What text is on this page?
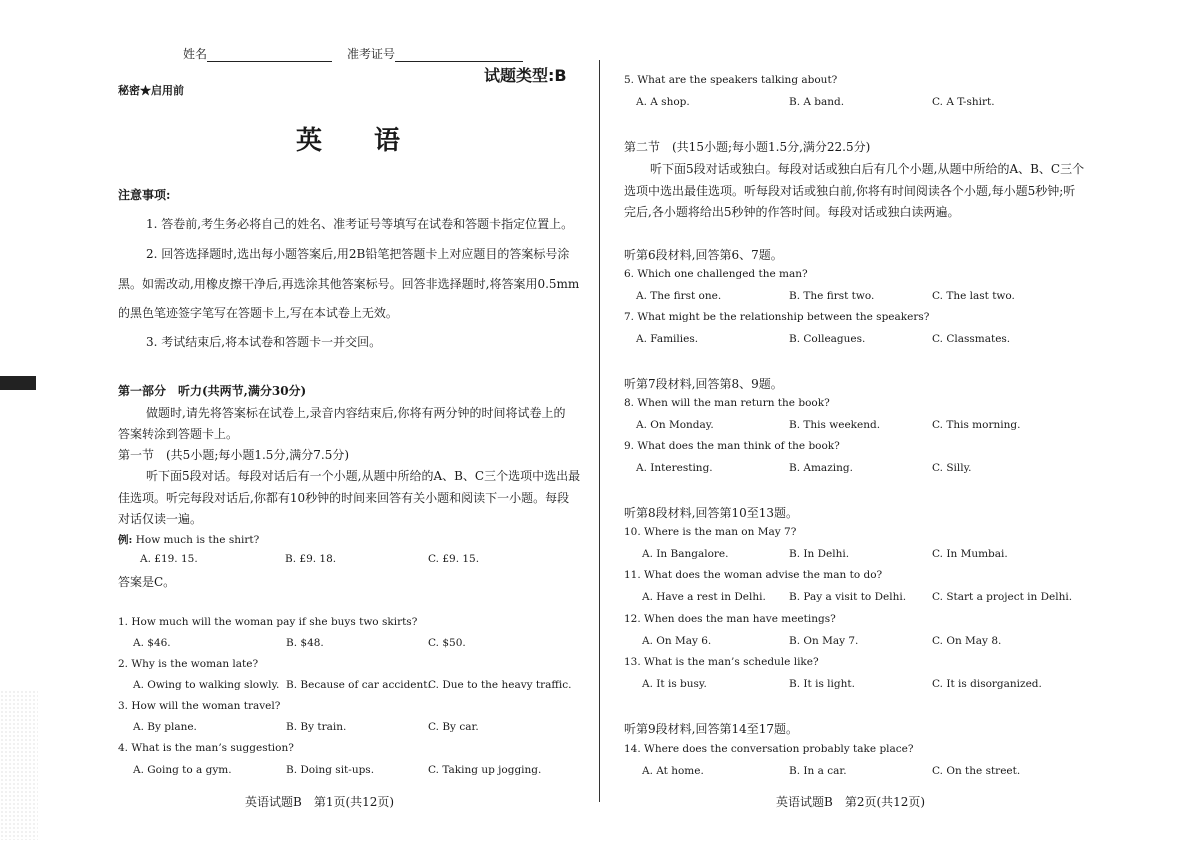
姓名	准考证号
试题类型:B
秘密★启用前
英　　语
注意事项:
1. 答卷前,考生务必将自己的姓名、准考证号等填写在试卷和答题卡指定位置上。
2. 回答选择题时,选出每小题答案后,用2B铅笔把答题卡上对应题目的答案标号涂
黑。如需改动,用橡皮擦干净后,再选涂其他答案标号。回答非选择题时,将答案用0.5mm
的黑色笔迹签字笔写在答题卡上,写在本试卷上无效。
3. 考试结束后,将本试卷和答题卡一并交回。
第一部分　听力(共两节,满分30分)
做题时,请先将答案标在试卷上,录音内容结束后,你将有两分钟的时间将试卷上的
答案转涂到答题卡上。
第一节　(共5小题;每小题1.5分,满分7.5分)
听下面5段对话。每段对话后有一个小题,从题中所给的A、B、C三个选项中选出最
佳选项。听完每段对话后,你都有10秒钟的时间来回答有关小题和阅读下一小题。每段
对话仅读一遍。
例: How much is the shirt?
A. £19. 15.	B. £9. 18.	C. £9. 15.
答案是C。
1. How much will the woman pay if she buys two skirts?
A. $46.	B. $48.	C. $50.
2. Why is the woman late?
A. Owing to walking slowly. B. Because of car accident.
C. Due to the heavy traffic.
3. How will the woman travel?
A. By plane.	B. By train.	C. By car.
4. What is the man’s suggestion?
A. Going to a gym.	B. Doing sit-ups.	C. Taking up jogging.
英语试题B　第1页(共12页)
5. What are the speakers talking about?
A. A shop.	B. A band.	C. A T-shirt.
第二节　(共15小题;每小题1.5分,满分22.5分)
听下面5段对话或独白。每段对话或独白后有几个小题,从题中所给的A、B、C三个
选项中选出最佳选项。听每段对话或独白前,你将有时间阅读各个小题,每小题5秒钟;听
完后,各小题将给出5秒钟的作答时间。每段对话或独白读两遍。
听第6段材料,回答第6、7题。
6. Which one challenged the man?
A. The first one.	B. The first two.	C. The last two.
7. What might be the relationship between the speakers?
A. Families.	B. Colleagues.	C. Classmates.
听第7段材料,回答第8、9题。
8. When will the man return the book?
A. On Monday.	B. This weekend.	C. This morning.
9. What does the man think of the book?
A. Interesting.	B. Amazing.	C. Silly.
听第8段材料,回答第10至13题。
10. Where is the man on May 7?
A. In Bangalore.	B. In Delhi.	C. In Mumbai.
11. What does the woman advise the man to do?
A. Have a rest in Delhi. B. Pay a visit to Delhi. C. Start a project in Delhi.
12. When does the man have meetings?
A. On May 6.	B. On May 7.	C. On May 8.
13. What is the man’s schedule like?
A. It is busy.	B. It is light.	C. It is disorganized.
听第9段材料,回答第14至17题。
14. Where does the conversation probably take place?
A. At home.	B. In a car.	C. On the street.
英语试题B　第2页(共12页)
